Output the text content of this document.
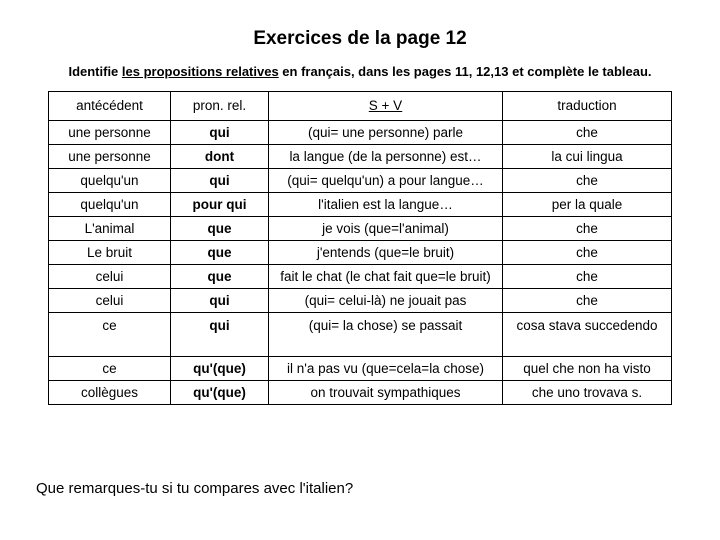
Exercices de la page 12
Identifie les propositions relatives en français, dans les pages 11, 12,13 et complète le tableau.
antécédent	pron. rel.	S + V	traduction
une personne	qui	(qui= une personne) parle	che
une personne	dont	la langue (de la personne) est…	la cui lingua
quelqu'un	qui	(qui= quelqu'un) a pour langue…	che
quelqu'un	pour qui	l'italien est la langue…	per la quale
L'animal	que	je vois (que=l'animal)	che
Le bruit	que	j'entends (que=le bruit)	che
celui	que	fait le chat (le chat fait que=le bruit)	che
celui	qui	(qui= celui-là) ne jouait pas	che
ce	qui	(qui= la chose) se passait	cosa stava succedendo
ce	qu'(que)	il n'a pas vu (que=cela=la chose)	quel che non ha visto
collègues	qu'(que)	on trouvait sympathiques	che uno trovava s.
Que remarques-tu si tu compares avec l'italien?
